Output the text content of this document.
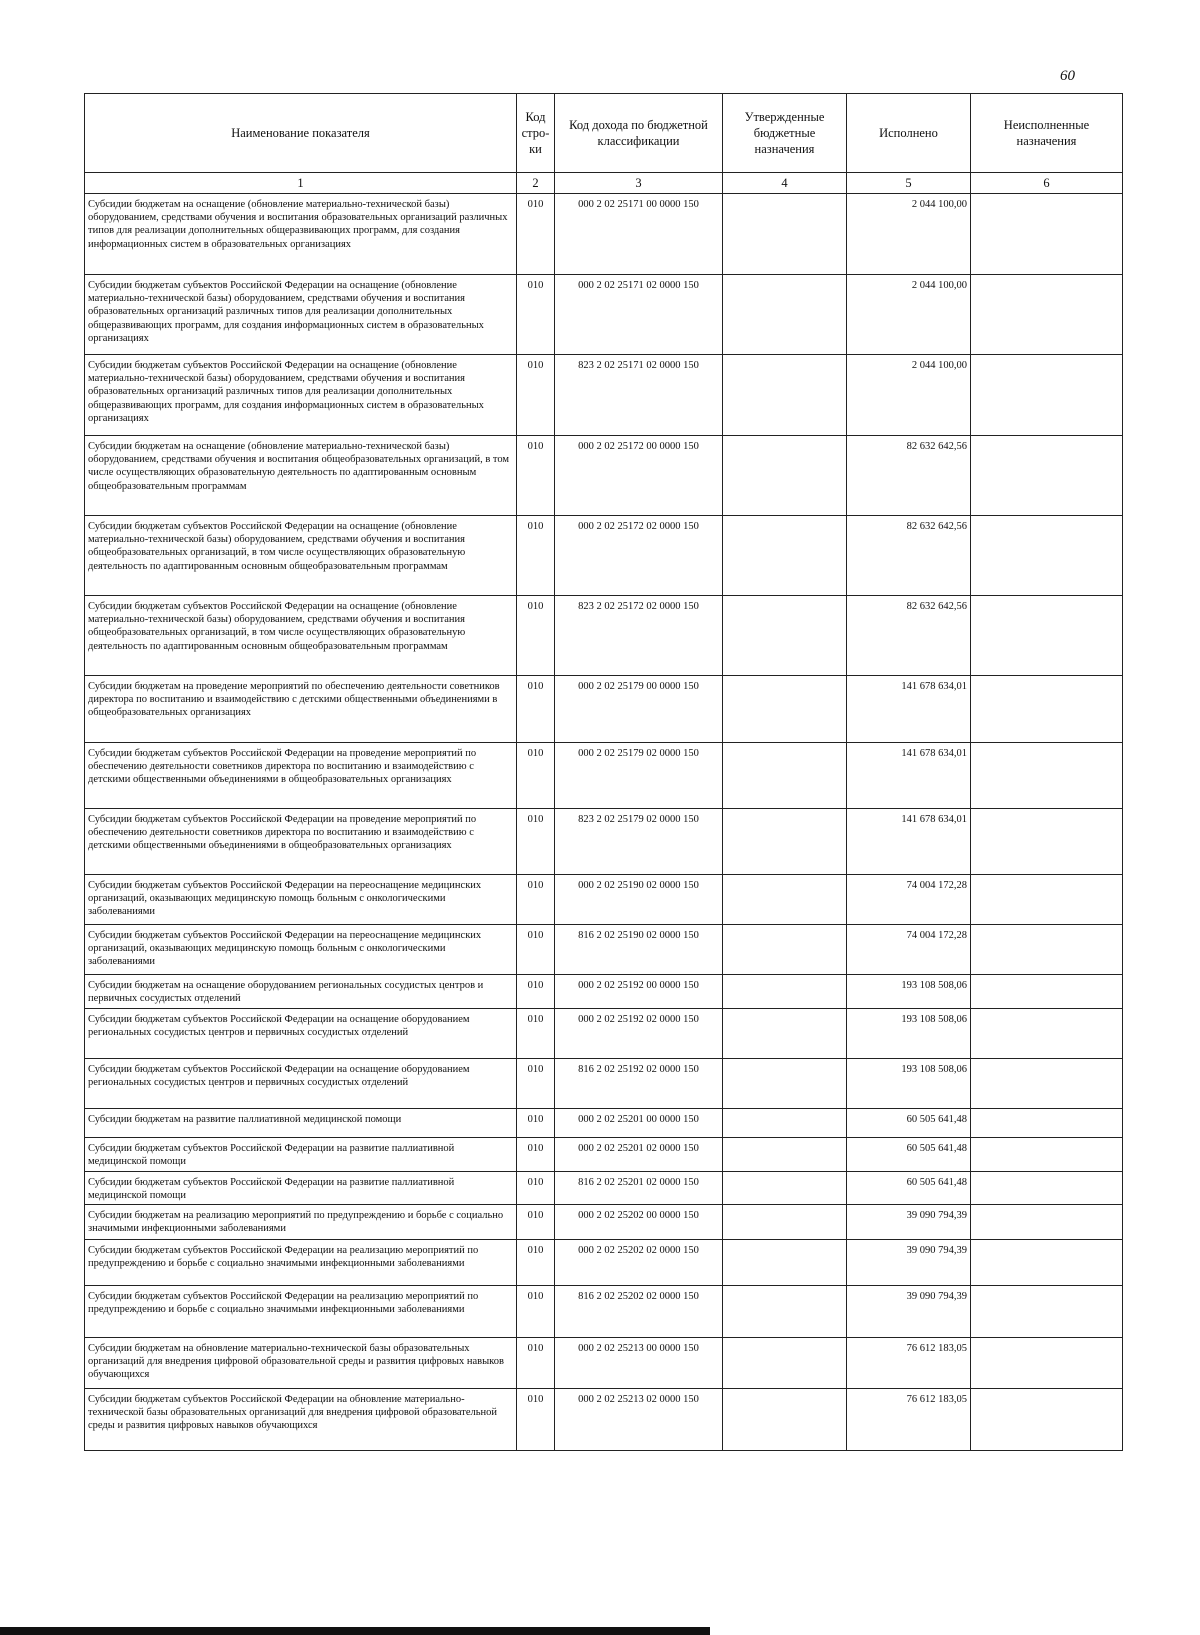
60
Наименование показателя	Код стро-ки	Код дохода по бюджетной классификации	Утвержденные бюджетные назначения	Исполнено	Неисполненные назначения
1	2	3	4	5	6
Субсидии бюджетам на оснащение (обновление материально-технической базы) оборудованием, средствами обучения и воспитания образовательных организаций различных типов для реализации дополнительных общеразвивающих программ, для создания информационных систем в образовательных организациях	010	000 2 02 25171 00 0000 150		2 044 100,00	
Субсидии бюджетам субъектов Российской Федерации на оснащение (обновление материально-технической базы) оборудованием, средствами обучения и воспитания образовательных организаций различных типов для реализации дополнительных общеразвивающих программ, для создания информационных систем в образовательных организациях	010	000 2 02 25171 02 0000 150		2 044 100,00	
Субсидии бюджетам субъектов Российской Федерации на оснащение (обновление материально-технической базы) оборудованием, средствами обучения и воспитания образовательных организаций различных типов для реализации дополнительных общеразвивающих программ, для создания информационных систем в образовательных организациях	010	823 2 02 25171 02 0000 150		2 044 100,00	
Субсидии бюджетам на оснащение (обновление материально-технической базы) оборудованием, средствами обучения и воспитания общеобразовательных организаций, в том числе осуществляющих образовательную деятельность по адаптированным основным общеобразовательным программам	010	000 2 02 25172 00 0000 150		82 632 642,56	
Субсидии бюджетам субъектов Российской Федерации на оснащение (обновление материально-технической базы) оборудованием, средствами обучения и воспитания общеобразовательных организаций, в том числе осуществляющих образовательную деятельность по адаптированным основным общеобразовательным программам	010	000 2 02 25172 02 0000 150		82 632 642,56	
Субсидии бюджетам субъектов Российской Федерации на оснащение (обновление материально-технической базы) оборудованием, средствами обучения и воспитания общеобразовательных организаций, в том числе осуществляющих образовательную деятельность по адаптированным основным общеобразовательным программам	010	823 2 02 25172 02 0000 150		82 632 642,56	
Субсидии бюджетам на проведение мероприятий по обеспечению деятельности советников директора по воспитанию и взаимодействию с детскими общественными объединениями в общеобразовательных организациях	010	000 2 02 25179 00 0000 150		141 678 634,01	
Субсидии бюджетам субъектов Российской Федерации на проведение мероприятий по обеспечению деятельности советников директора по воспитанию и взаимодействию с детскими общественными объединениями в общеобразовательных организациях	010	000 2 02 25179 02 0000 150		141 678 634,01	
Субсидии бюджетам субъектов Российской Федерации на проведение мероприятий по обеспечению деятельности советников директора по воспитанию и взаимодействию с детскими общественными объединениями в общеобразовательных организациях	010	823 2 02 25179 02 0000 150		141 678 634,01	
Субсидии бюджетам субъектов Российской Федерации на переоснащение медицинских организаций, оказывающих медицинскую помощь больным с онкологическими заболеваниями	010	000 2 02 25190 02 0000 150		74 004 172,28	
Субсидии бюджетам субъектов Российской Федерации на переоснащение медицинских организаций, оказывающих медицинскую помощь больным с онкологическими заболеваниями	010	816 2 02 25190 02 0000 150		74 004 172,28	
Субсидии бюджетам на оснащение оборудованием региональных сосудистых центров и первичных сосудистых отделений	010	000 2 02 25192 00 0000 150		193 108 508,06	
Субсидии бюджетам субъектов Российской Федерации на оснащение оборудованием региональных сосудистых центров и первичных сосудистых отделений	010	000 2 02 25192 02 0000 150		193 108 508,06	
Субсидии бюджетам субъектов Российской Федерации на оснащение оборудованием региональных сосудистых центров и первичных сосудистых отделений	010	816 2 02 25192 02 0000 150		193 108 508,06	
Субсидии бюджетам на развитие паллиативной медицинской помощи	010	000 2 02 25201 00 0000 150		60 505 641,48	
Субсидии бюджетам субъектов Российской Федерации на развитие паллиативной медицинской помощи	010	000 2 02 25201 02 0000 150		60 505 641,48	
Субсидии бюджетам субъектов Российской Федерации на развитие паллиативной медицинской помощи	010	816 2 02 25201 02 0000 150		60 505 641,48	
Субсидии бюджетам на реализацию мероприятий по предупреждению и борьбе с социально значимыми инфекционными заболеваниями	010	000 2 02 25202 00 0000 150		39 090 794,39	
Субсидии бюджетам субъектов Российской Федерации на реализацию мероприятий по предупреждению и борьбе с социально значимыми инфекционными заболеваниями	010	000 2 02 25202 02 0000 150		39 090 794,39	
Субсидии бюджетам субъектов Российской Федерации на реализацию мероприятий по предупреждению и борьбе с социально значимыми инфекционными заболеваниями	010	816 2 02 25202 02 0000 150		39 090 794,39	
Субсидии бюджетам на обновление материально-технической базы образовательных организаций для внедрения цифровой образовательной среды и развития цифровых навыков обучающихся	010	000 2 02 25213 00 0000 150		76 612 183,05	
Субсидии бюджетам субъектов Российской Федерации на обновление материально-технической базы образовательных организаций для внедрения цифровой образовательной среды и развития цифровых навыков обучающихся	010	000 2 02 25213 02 0000 150		76 612 183,05	
